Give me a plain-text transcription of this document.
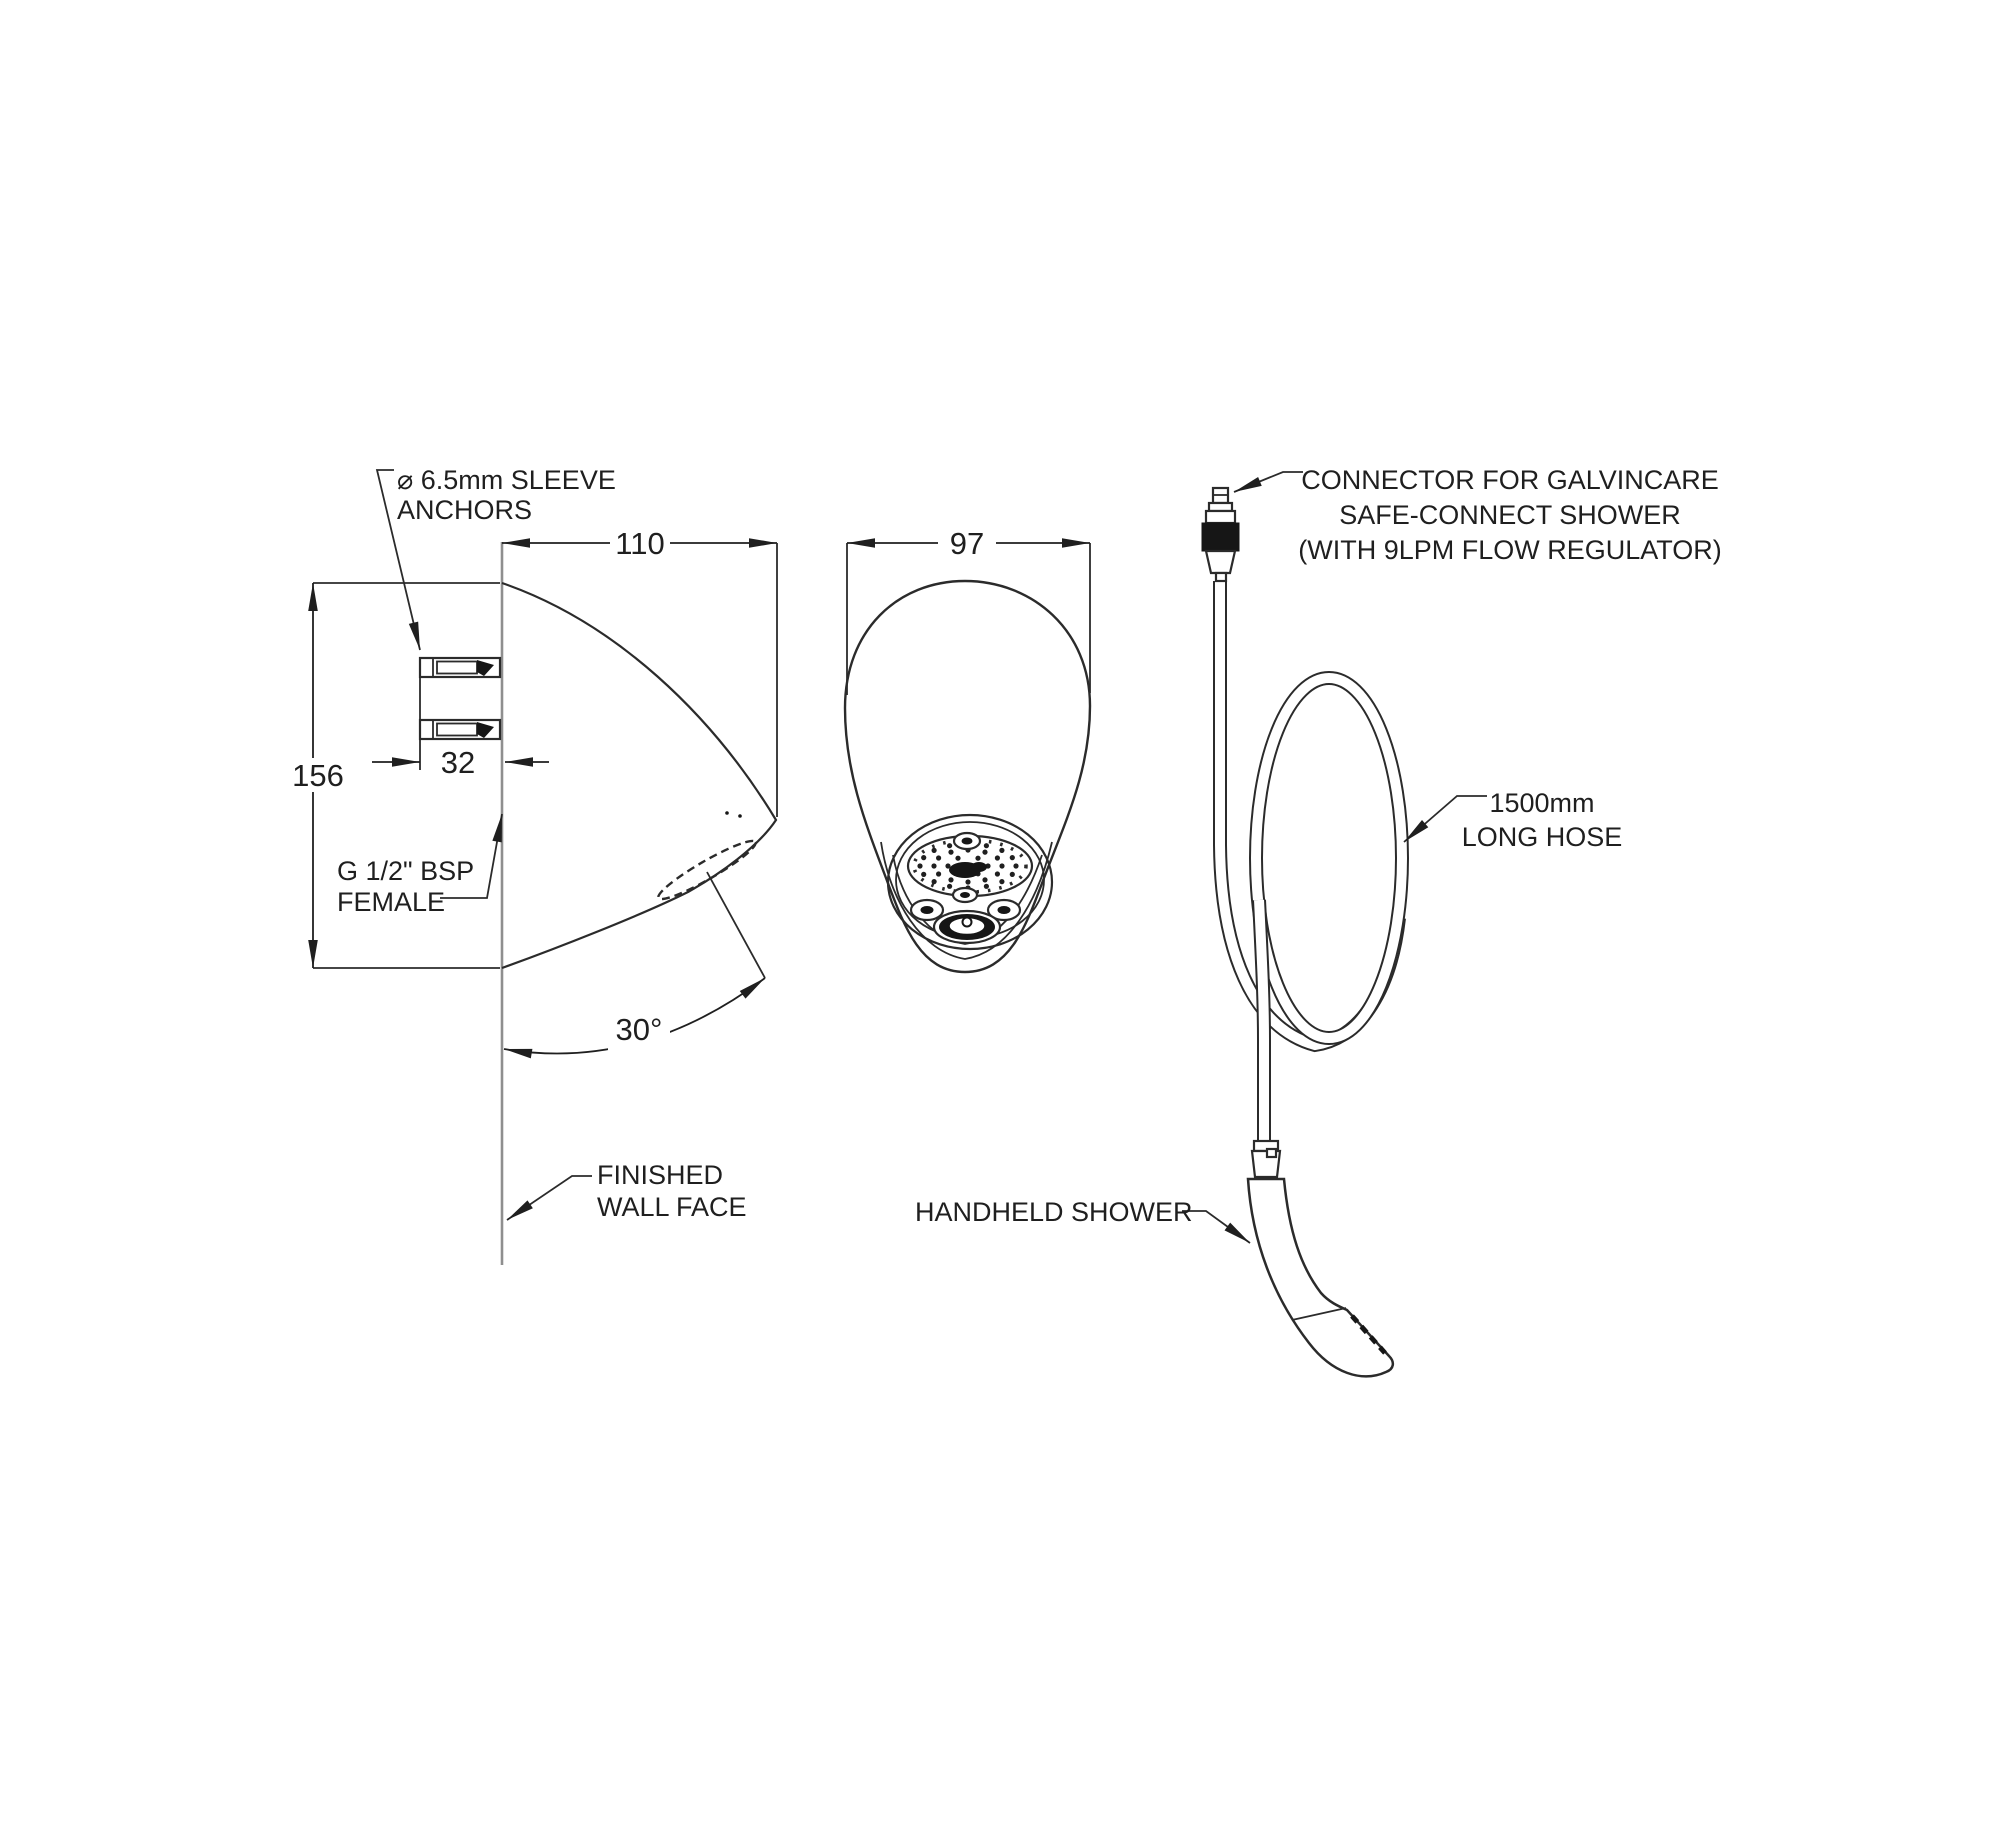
110
156	32
⌀ 6.5mm SLEEVE
ANCHORS
G 1/2" BSP
FEMALE
30°
FINISHED
WALL FACE
97
CONNECTOR FOR GALVINCARE
SAFE-CONNECT SHOWER
(WITH 9LPM FLOW REGULATOR)
1500mm
LONG HOSE
HANDHELD SHOWER
